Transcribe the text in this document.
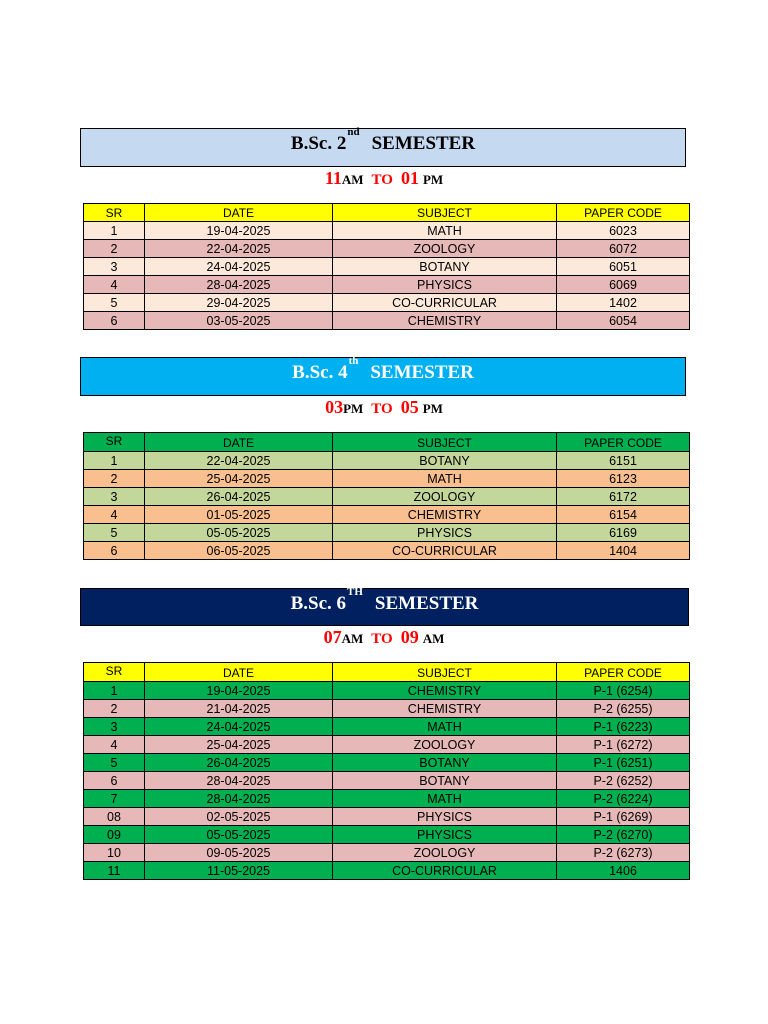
B.Sc. 2
nd
SEMESTER
11AM TO 01 PM
SR	DATE	SUBJECT	PAPER CODE
1	19-04-2025	MATH	6023
2	22-04-2025	ZOOLOGY	6072
3	24-04-2025	BOTANY	6051
4	28-04-2025	PHYSICS	6069
5	29-04-2025	CO-CURRICULAR	1402
6	03-05-2025	CHEMISTRY	6054
B.Sc. 4
th
SEMESTER
03PM TO 05 PM
SR	DATE	SUBJECT	PAPER CODE
1	22-04-2025	BOTANY	6151
2	25-04-2025	MATH	6123
3	26-04-2025	ZOOLOGY	6172
4	01-05-2025	CHEMISTRY	6154
5	05-05-2025	PHYSICS	6169
6	06-05-2025	CO-CURRICULAR	1404
B.Sc. 6
TH
SEMESTER
07AM TO 09 AM
SR	DATE	SUBJECT	PAPER CODE
1	19-04-2025	CHEMISTRY	P-1 (6254)
2	21-04-2025	CHEMISTRY	P-2 (6255)
3	24-04-2025	MATH	P-1 (6223)
4	25-04-2025	ZOOLOGY	P-1 (6272)
5	26-04-2025	BOTANY	P-1 (6251)
6	28-04-2025	BOTANY	P-2 (6252)
7	28-04-2025	MATH	P-2 (6224)
08	02-05-2025	PHYSICS	P-1 (6269)
09	05-05-2025	PHYSICS	P-2 (6270)
10	09-05-2025	ZOOLOGY	P-2 (6273)
11	11-05-2025	CO-CURRICULAR	1406
